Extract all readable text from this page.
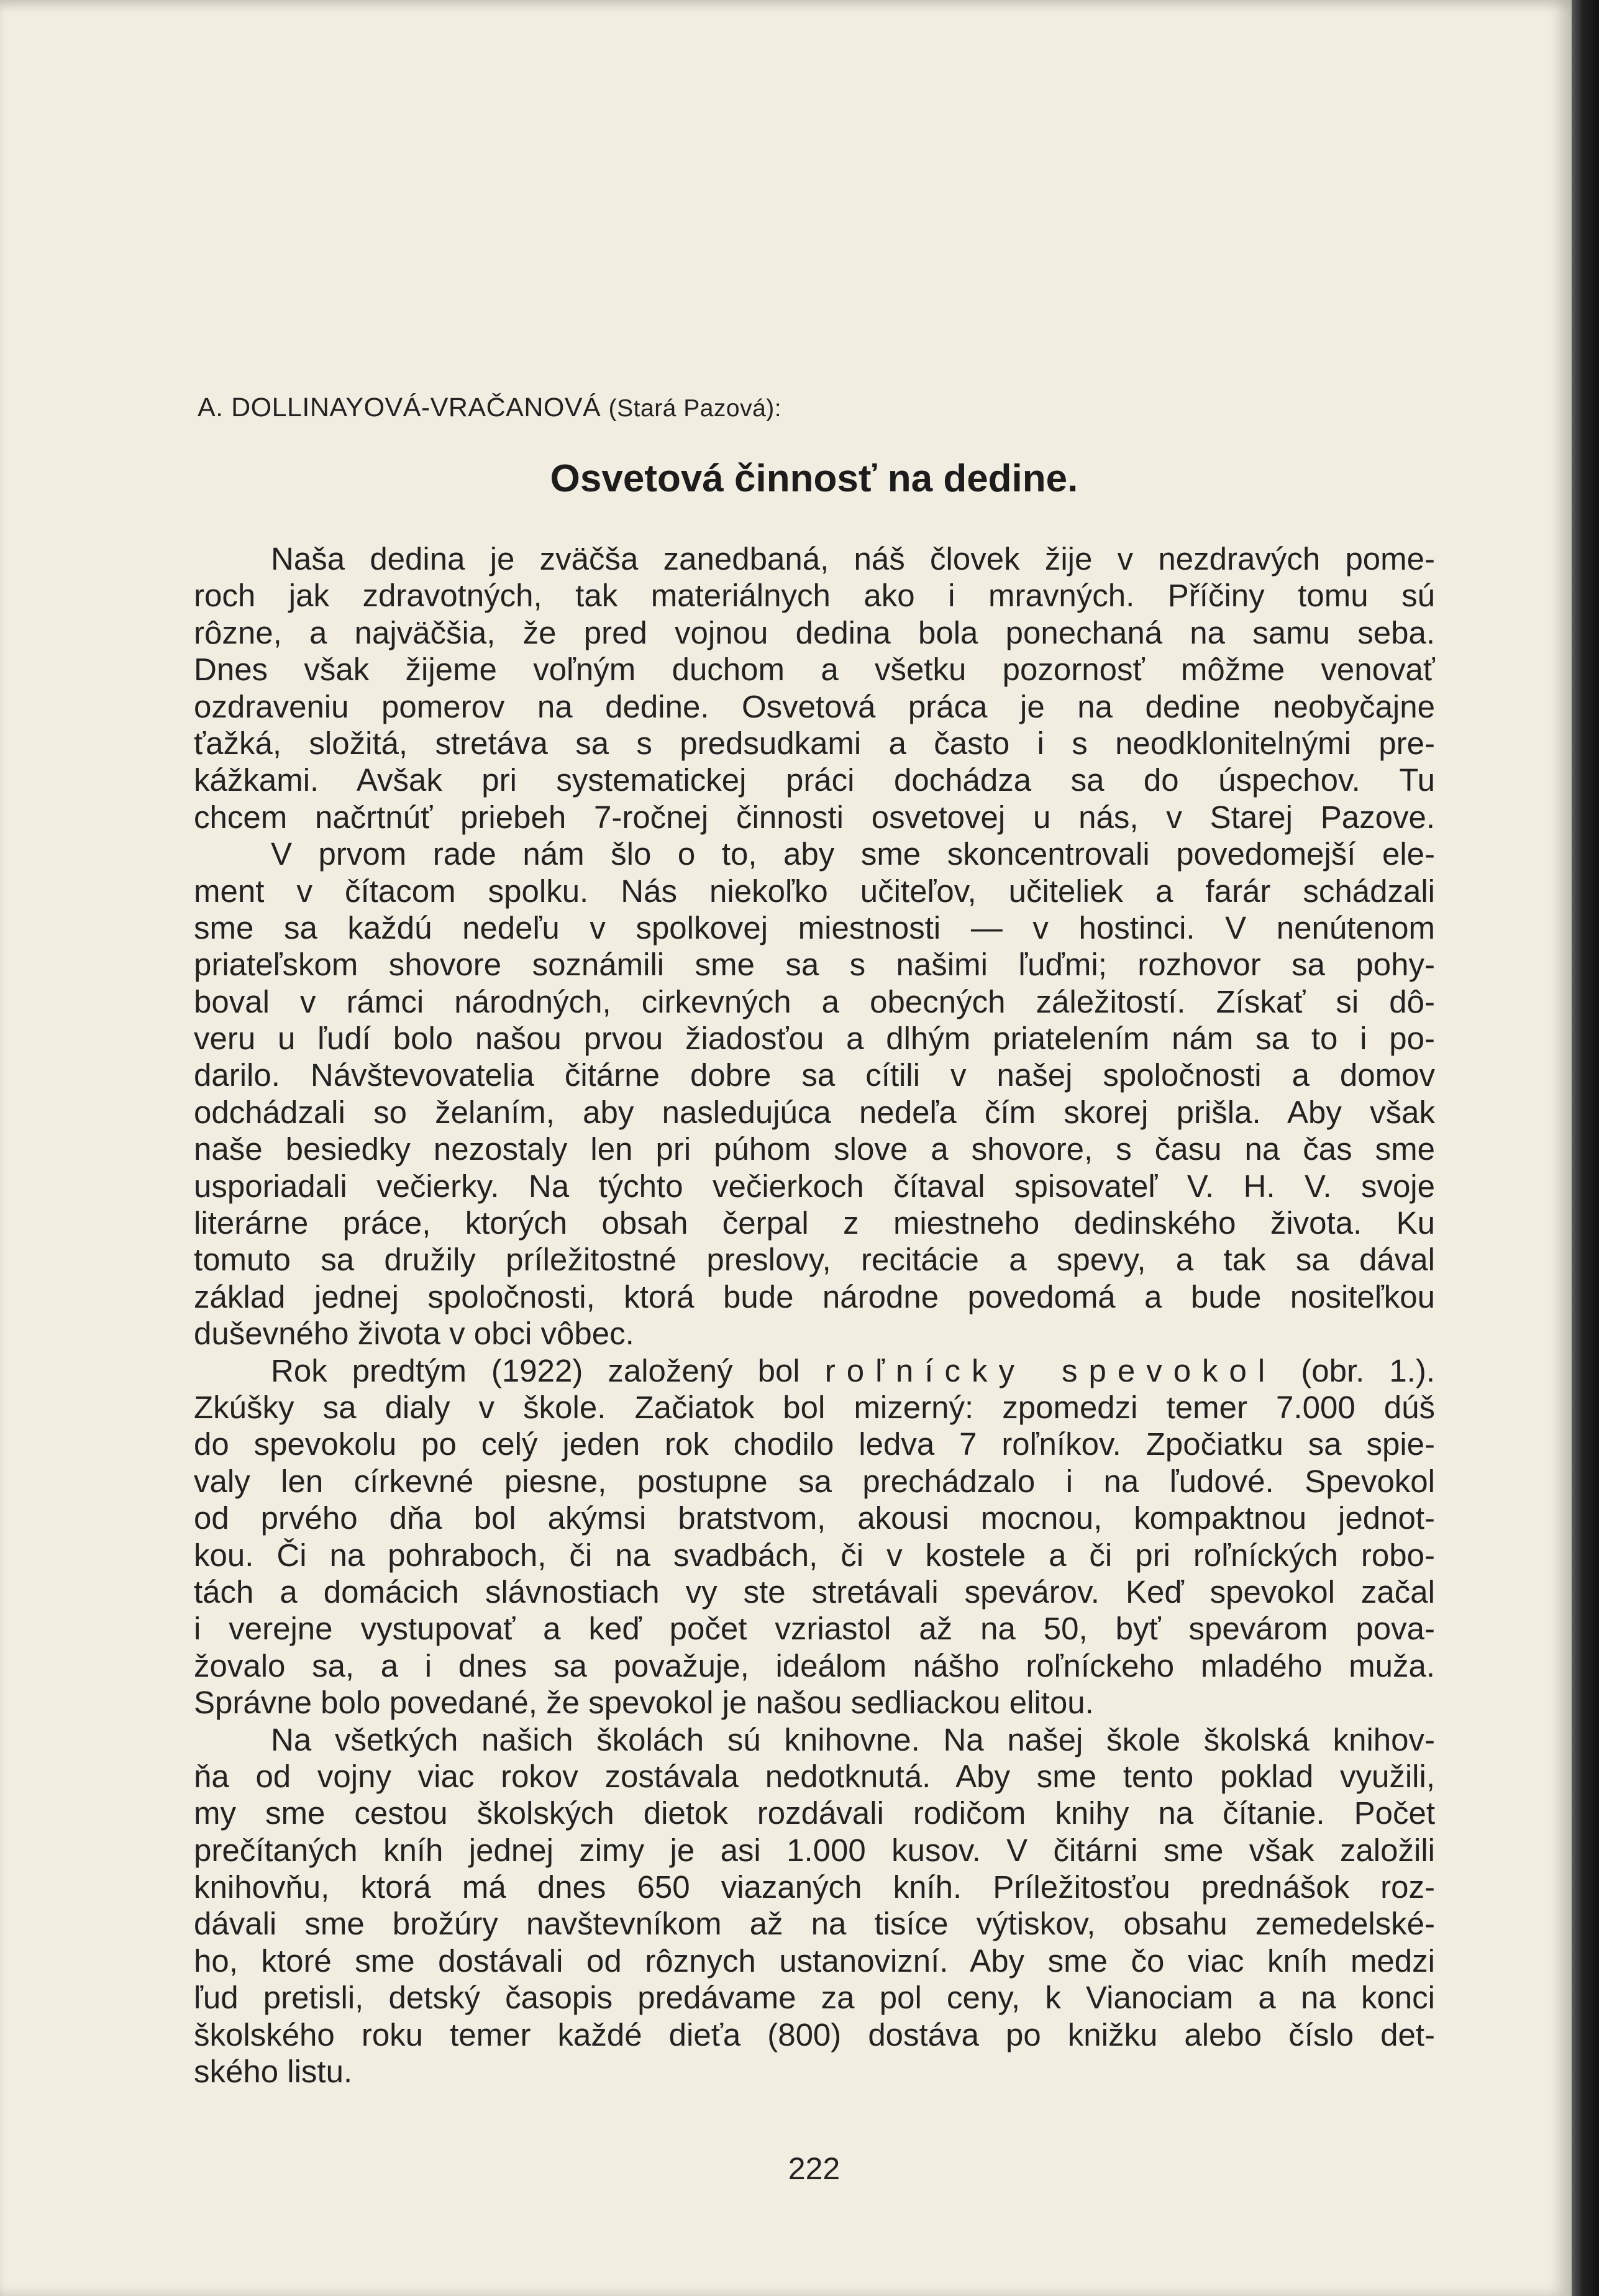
A. DOLLINAYOVÁ-VRAČANOVÁ (Stará Pazová):
Osvetová činnosť na dedine.
Naša dedina je zväčša zanedbaná, náš človek žije v nezdravých pome-
roch jak zdravotných, tak materiálnych ako i mravných. Příčiny tomu sú
rôzne, a najväčšia, že pred vojnou dedina bola ponechaná na samu seba.
Dnes však žijeme voľným duchom a všetku pozornosť môžme venovať
ozdraveniu pomerov na dedine. Osvetová práca je na dedine neobyčajne
ťažká, složitá, stretáva sa s predsudkami a často i s neodklonitelnými pre-
kážkami. Avšak pri systematickej práci dochádza sa do úspechov. Tu
chcem načrtnúť priebeh 7-ročnej činnosti osvetovej u nás, v Starej Pazove.
V prvom rade nám šlo o to, aby sme skoncentrovali povedomejší ele-
ment v čítacom spolku. Nás niekoľko učiteľov, učiteliek a farár schádzali
sme sa každú nedeľu v spolkovej miestnosti — v hostinci. V nenútenom
priateľskom shovore soznámili sme sa s našimi ľuďmi; rozhovor sa pohy-
boval v rámci národných, cirkevných a obecných záležitostí. Získať si dô-
veru u ľudí bolo našou prvou žiadosťou a dlhým priatelením nám sa to i po-
darilo. Návštevovatelia čitárne dobre sa cítili v našej spoločnosti a domov
odchádzali so želaním, aby nasledujúca nedeľa čím skorej prišla. Aby však
naše besiedky nezostaly len pri púhom slove a shovore, s času na čas sme
usporiadali večierky. Na týchto večierkoch čítaval spisovateľ V. H. V. svoje
literárne práce, ktorých obsah čerpal z miestneho dedinského života. Ku
tomuto sa družily príležitostné preslovy, recitácie a spevy, a tak sa dával
základ jednej spoločnosti, ktorá bude národne povedomá a bude nositeľkou
duševného života v obci vôbec.
Rok predtým (1922) založený bol roľnícky spevokol (obr. 1.).
Zkúšky sa dialy v škole. Začiatok bol mizerný: zpomedzi temer 7.000 dúš
do spevokolu po celý jeden rok chodilo ledva 7 roľníkov. Zpočiatku sa spie-
valy len církevné piesne, postupne sa prechádzalo i na ľudové. Spevokol
od prvého dňa bol akýmsi bratstvom, akousi mocnou, kompaktnou jednot-
kou. Či na pohraboch, či na svadbách, či v kostele a či pri roľníckých robo-
tách a domácich slávnostiach vy ste stretávali spevárov. Keď spevokol začal
i verejne vystupovať a keď počet vzriastol až na 50, byť spevárom pova-
žovalo sa, a i dnes sa považuje, ideálom nášho roľníckeho mladého muža.
Správne bolo povedané, že spevokol je našou sedliackou elitou.
Na všetkých našich školách sú knihovne. Na našej škole školská knihov-
ňa od vojny viac rokov zostávala nedotknutá. Aby sme tento poklad využili,
my sme cestou školských dietok rozdávali rodičom knihy na čítanie. Počet
prečítaných kníh jednej zimy je asi 1.000 kusov. V čitárni sme však založili
knihovňu, ktorá má dnes 650 viazaných kníh. Príležitosťou prednášok roz-
dávali sme brožúry navštevníkom až na tisíce výtiskov, obsahu zemedelské-
ho, ktoré sme dostávali od rôznych ustanovizní. Aby sme čo viac kníh medzi
ľud pretisli, detský časopis predávame za pol ceny, k Vianociam a na konci
školského roku temer každé dieťa (800) dostáva po knižku alebo číslo det-
ského listu.
222
